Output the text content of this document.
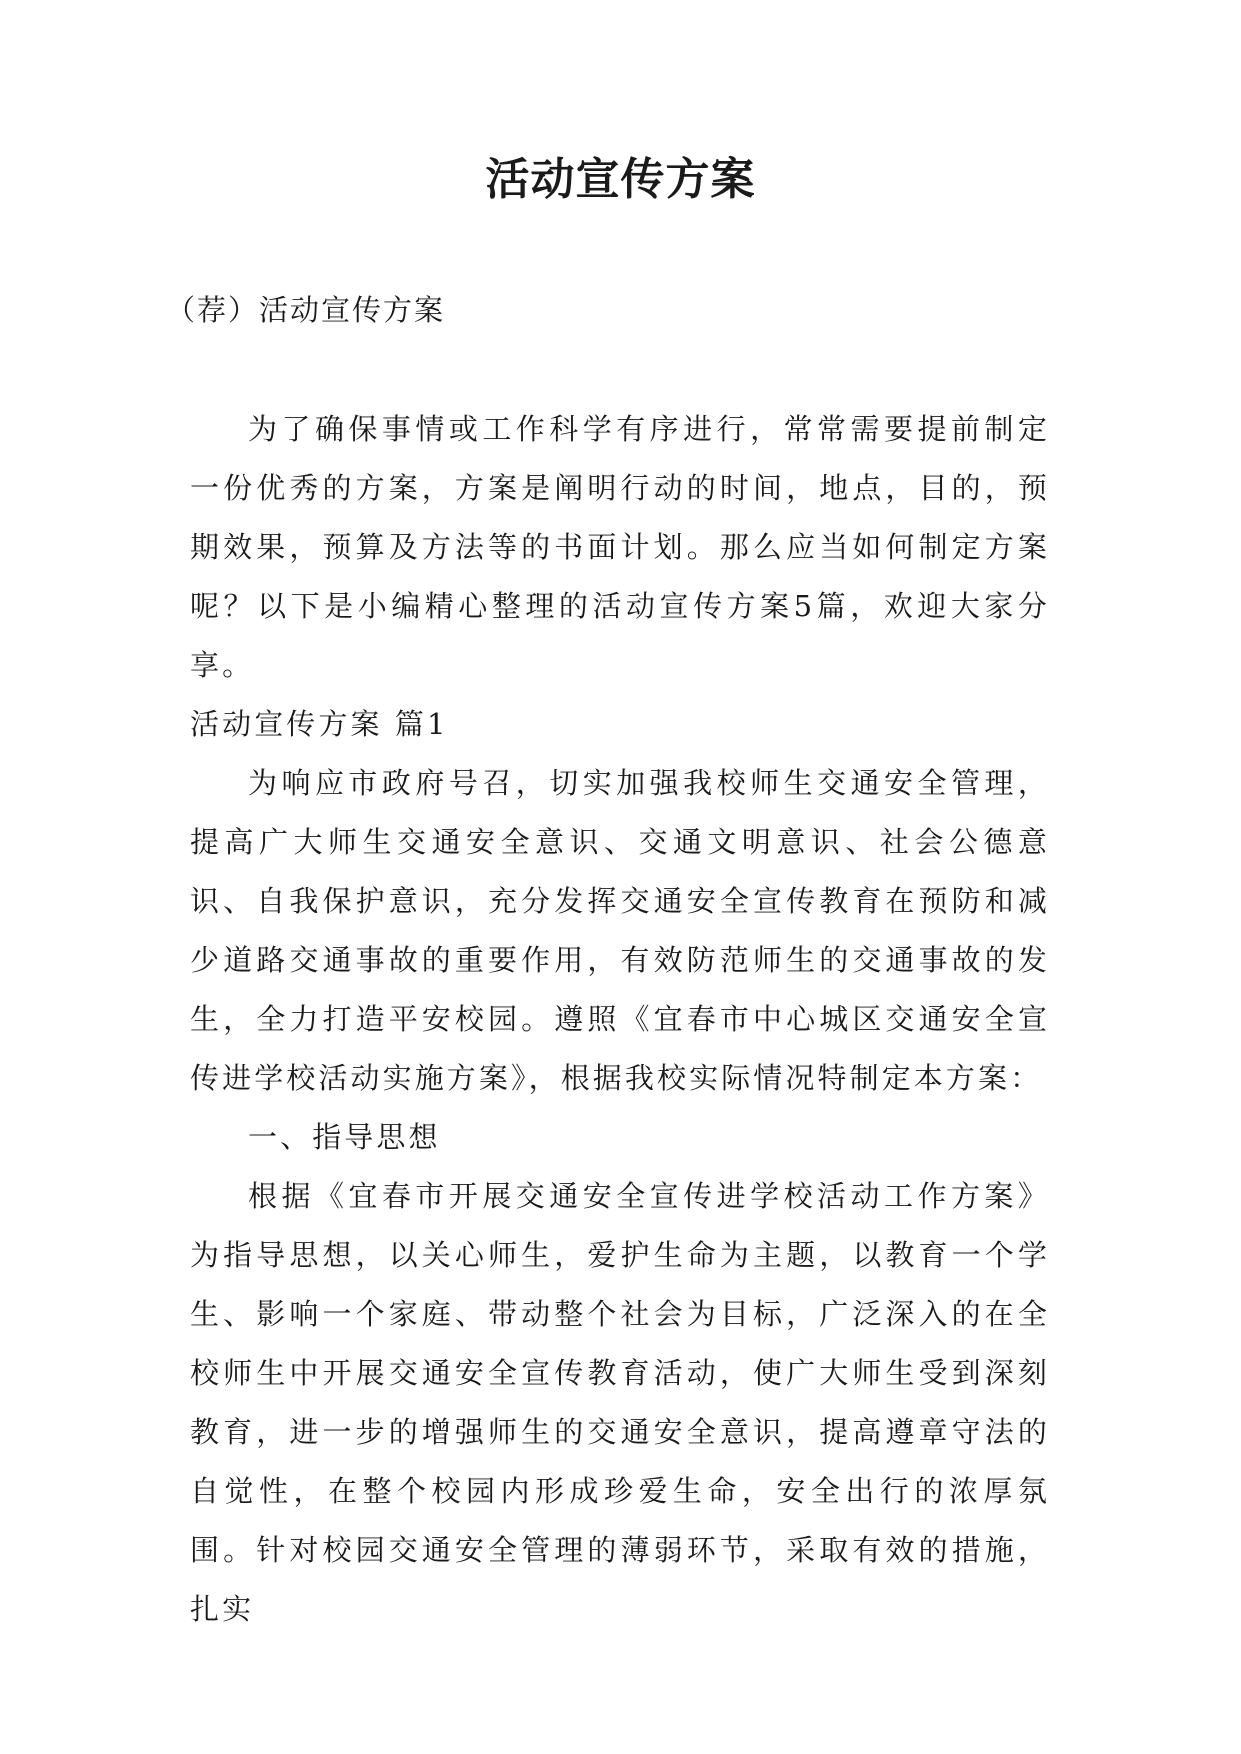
活动宣传方案

（荐）活动宣传方案

为了确保事情或工作科学有序进行，常常需要提前制定一份优秀的方案，方案是阐明行动的时间，地点，目的，预期效果，预算及方法等的书面计划。那么应当如何制定方案呢？以下是小编精心整理的活动宣传方案5篇，欢迎大家分享。

活动宣传方案 篇1

为响应市政府号召，切实加强我校师生交通安全管理，提高广大师生交通安全意识、交通文明意识、社会公德意识、自我保护意识，充分发挥交通安全宣传教育在预防和减少道路交通事故的重要作用，有效防范师生的交通事故的发生，全力打造平安校园。遵照《宜春市中心城区交通安全宣传进学校活动实施方案》，根据我校实际情况特制定本方案：

一、指导思想

根据《宜春市开展交通安全宣传进学校活动工作方案》为指导思想，以关心师生，爱护生命为主题，以教育一个学生、影响一个家庭、带动整个社会为目标，广泛深入的在全校师生中开展交通安全宣传教育活动，使广大师生受到深刻教育，进一步的增强师生的交通安全意识，提高遵章守法的自觉性，在整个校园内形成珍爱生命，安全出行的浓厚氛围。针对校园交通安全管理的薄弱环节，采取有效的措施，扎实
